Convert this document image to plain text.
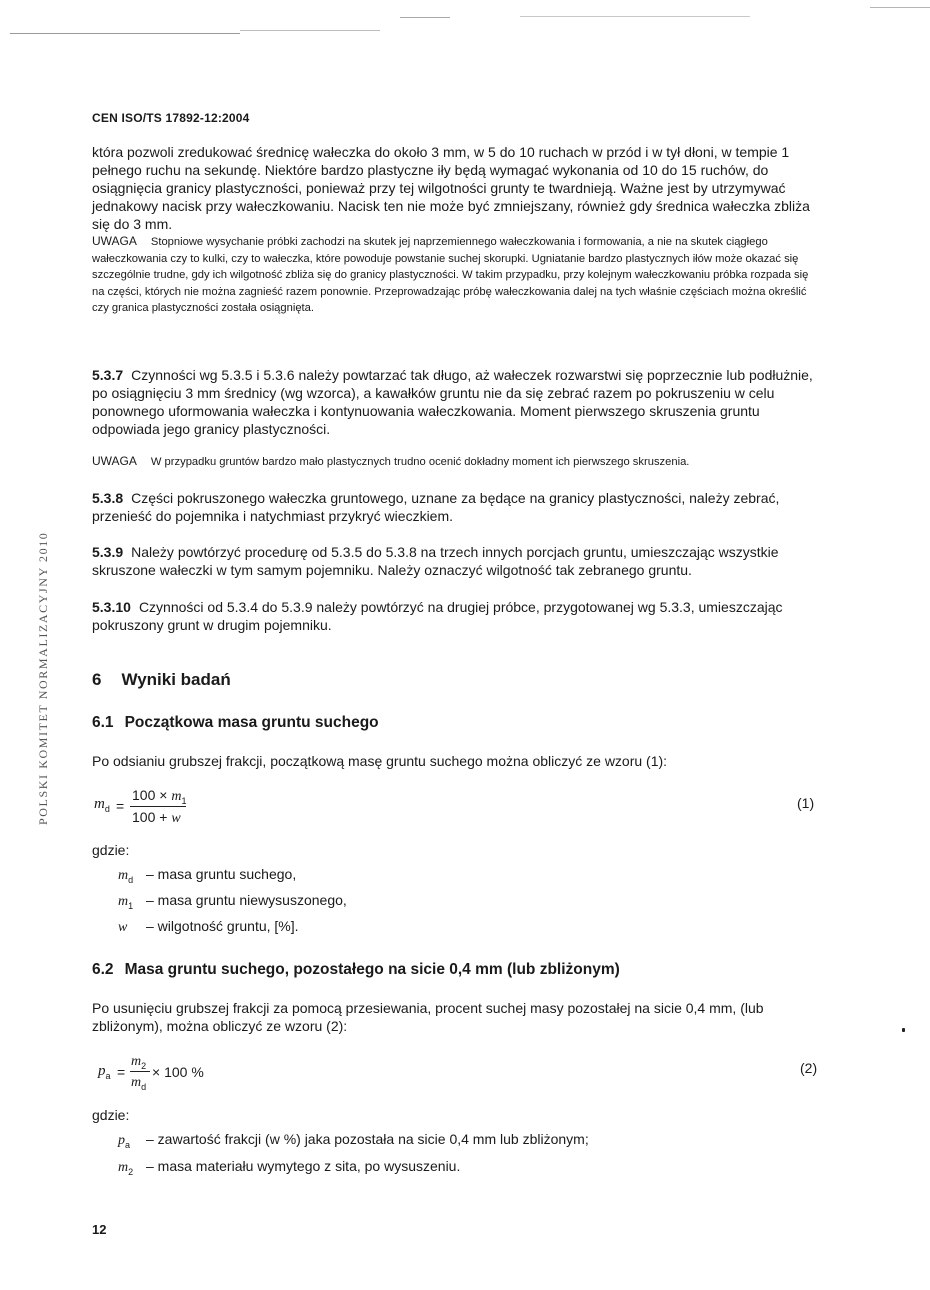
POLSKI KOMITET NORMALIZACYJNY 2010
CEN ISO/TS 17892-12:2004
która pozwoli zredukować średnicę wałeczka do około 3 mm, w 5 do 10 ruchach w przód i w tył dłoni, w tempie 1 pełnego ruchu na sekundę. Niektóre bardzo plastyczne iły będą wymagać wykonania od 10 do 15 ruchów, do osiągnięcia granicy plastyczności, ponieważ przy tej wilgotności grunty te twardnieją. Ważne jest by utrzymywać jednakowy nacisk przy wałeczkowaniu. Nacisk ten nie może być zmniejszany, również gdy średnica wałeczka zbliża się do 3 mm.
UWAGA Stopniowe wysychanie próbki zachodzi na skutek jej naprzemiennego wałeczkowania i formowania, a nie na skutek ciągłego wałeczkowania czy to kulki, czy to wałeczka, które powoduje powstanie suchej skorupki. Ugniatanie bardzo plastycznych iłów może okazać się szczególnie trudne, gdy ich wilgotność zbliża się do granicy plastyczności. W takim przypadku, przy kolejnym wałeczkowaniu próbka rozpada się na części, których nie można zagnieść razem ponownie. Przeprowadzając próbę wałeczkowania dalej na tych właśnie częściach można określić czy granica plastyczności została osiągnięta.
5.3.7 Czynności wg 5.3.5 i 5.3.6 należy powtarzać tak długo, aż wałeczek rozwarstwi się poprzecznie lub podłużnie, po osiągnięciu 3 mm średnicy (wg wzorca), a kawałków gruntu nie da się zebrać razem po pokruszeniu w celu ponownego uformowania wałeczka i kontynuowania wałeczkowania. Moment pierwszego skruszenia gruntu odpowiada jego granicy plastyczności.
UWAGA W przypadku gruntów bardzo mało plastycznych trudno ocenić dokładny moment ich pierwszego skruszenia.
5.3.8 Części pokruszonego wałeczka gruntowego, uznane za będące na granicy plastyczności, należy zebrać, przenieść do pojemnika i natychmiast przykryć wieczkiem.
5.3.9 Należy powtórzyć procedurę od 5.3.5 do 5.3.8 na trzech innych porcjach gruntu, umieszczając wszystkie skruszone wałeczki w tym samym pojemniku. Należy oznaczyć wilgotność tak zebranego gruntu.
5.3.10 Czynności od 5.3.4 do 5.3.9 należy powtórzyć na drugiej próbce, przygotowanej wg 5.3.3, umieszczając pokruszony grunt w drugim pojemniku.
6 Wyniki badań
6.1 Początkowa masa gruntu suchego
Po odsianiu grubszej frakcji, początkową masę gruntu suchego można obliczyć ze wzoru (1):
$m_d$ =
$100 \times m_1$
100 + w
(1)
gdzie:
$m_d$ – masa gruntu suchego,
$m_1$ – masa gruntu niewysuszonego,
w – wilgotność gruntu, [%].
6.2 Masa gruntu suchego, pozostałego na sicie 0,4 mm (lub zbliżonym)
Po usunięciu grubszej frakcji za pomocą przesiewania, procent suchej masy pozostałej na sicie 0,4 mm, (lub zbliżonym), można obliczyć ze wzoru (2):
$p_a$ =
$m_2$
$m_d$
× 100 %	(2)
gdzie:
$p_a$ – zawartość frakcji (w %) jaka pozostała na sicie 0,4 mm lub zbliżonym;
$m_2$ – masa materiału wymytego z sita, po wysuszeniu.
12
